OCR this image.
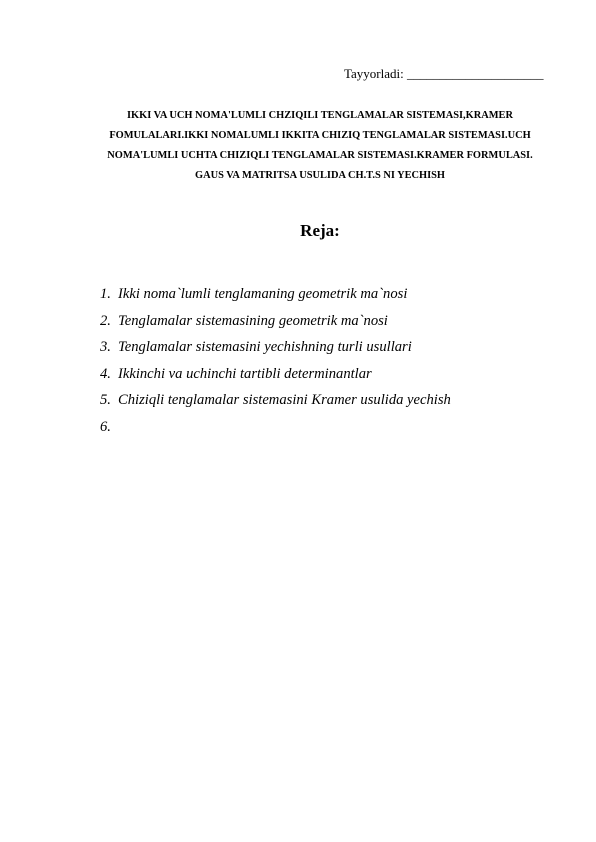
Tayyorladi: _____________________
IKKI VA UCH NOMA'LUMLI CHZIQILI TENGLAMALAR SISTEMASI,KRAMER
FOMULALARI.IKKI NOMALUMLI IKKITA CHIZIQ TENGLAMALAR SISTEMASI.UCH
NOMA'LUMLI UCHTA CHIZIQLI TENGLAMALAR SISTEMASI.KRAMER FORMULASI.
GAUS VA MATRITSA USULIDA CH.T.S NI YECHISH
Reja:
1. Ikki noma`lumli tenglamaning geometrik ma`nosi
2. Tenglamalar sistemasining geometrik ma`nosi
3. Tenglamalar sistemasini yechishning turli usullari
4. Ikkinchi va uchinchi tartibli determinantlar
5. Chiziqli tenglamalar sistemasini Kramer usulida yechish
6.
